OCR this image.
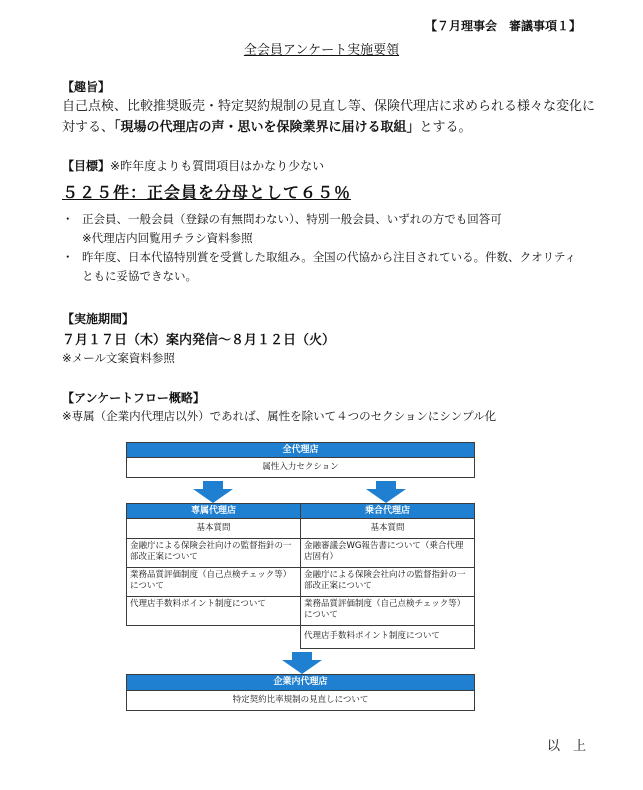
【７月理事会　審議事項１】
全会員アンケート実施要領
【趣旨】
自己点検、比較推奨販売・特定契約規制の見直し等、保険代理店に求められる様々な変化に
対する、「現場の代理店の声・思いを保険業界に届ける取組」とする。
【目標】※昨年度よりも質問項目はかなり少ない
５２５件：正会員を分母として６５％
・ 正会員、一般会員（登録の有無問わない）、特別一般会員、いずれの方でも回答可
※代理店内回覧用チラシ資料参照
・ 昨年度、日本代協特別賞を受賞した取組み。全国の代協から注目されている。件数、クオリティ
ともに妥協できない。
【実施期間】
７月１７日（木）案内発信～８月１２日（火）
※メール文案資料参照
【アンケートフロー概略】
※専属（企業内代理店以外）であれば、属性を除いて４つのセクションにシンプル化
全代理店
属性入力セクション
専属代理店
基本質問
金融庁による保険会社向けの監督指針の一部改正案について
業務品質評価制度（自己点検チェック等）について
代理店手数料ポイント制度について
乗合代理店
基本質問
金融審議会WG報告書について（乗合代理店固有）
金融庁による保険会社向けの監督指針の一部改正案について
業務品質評価制度（自己点検チェック等）について
代理店手数料ポイント制度について
企業内代理店
特定契約比率規制の見直しについて
以　上
